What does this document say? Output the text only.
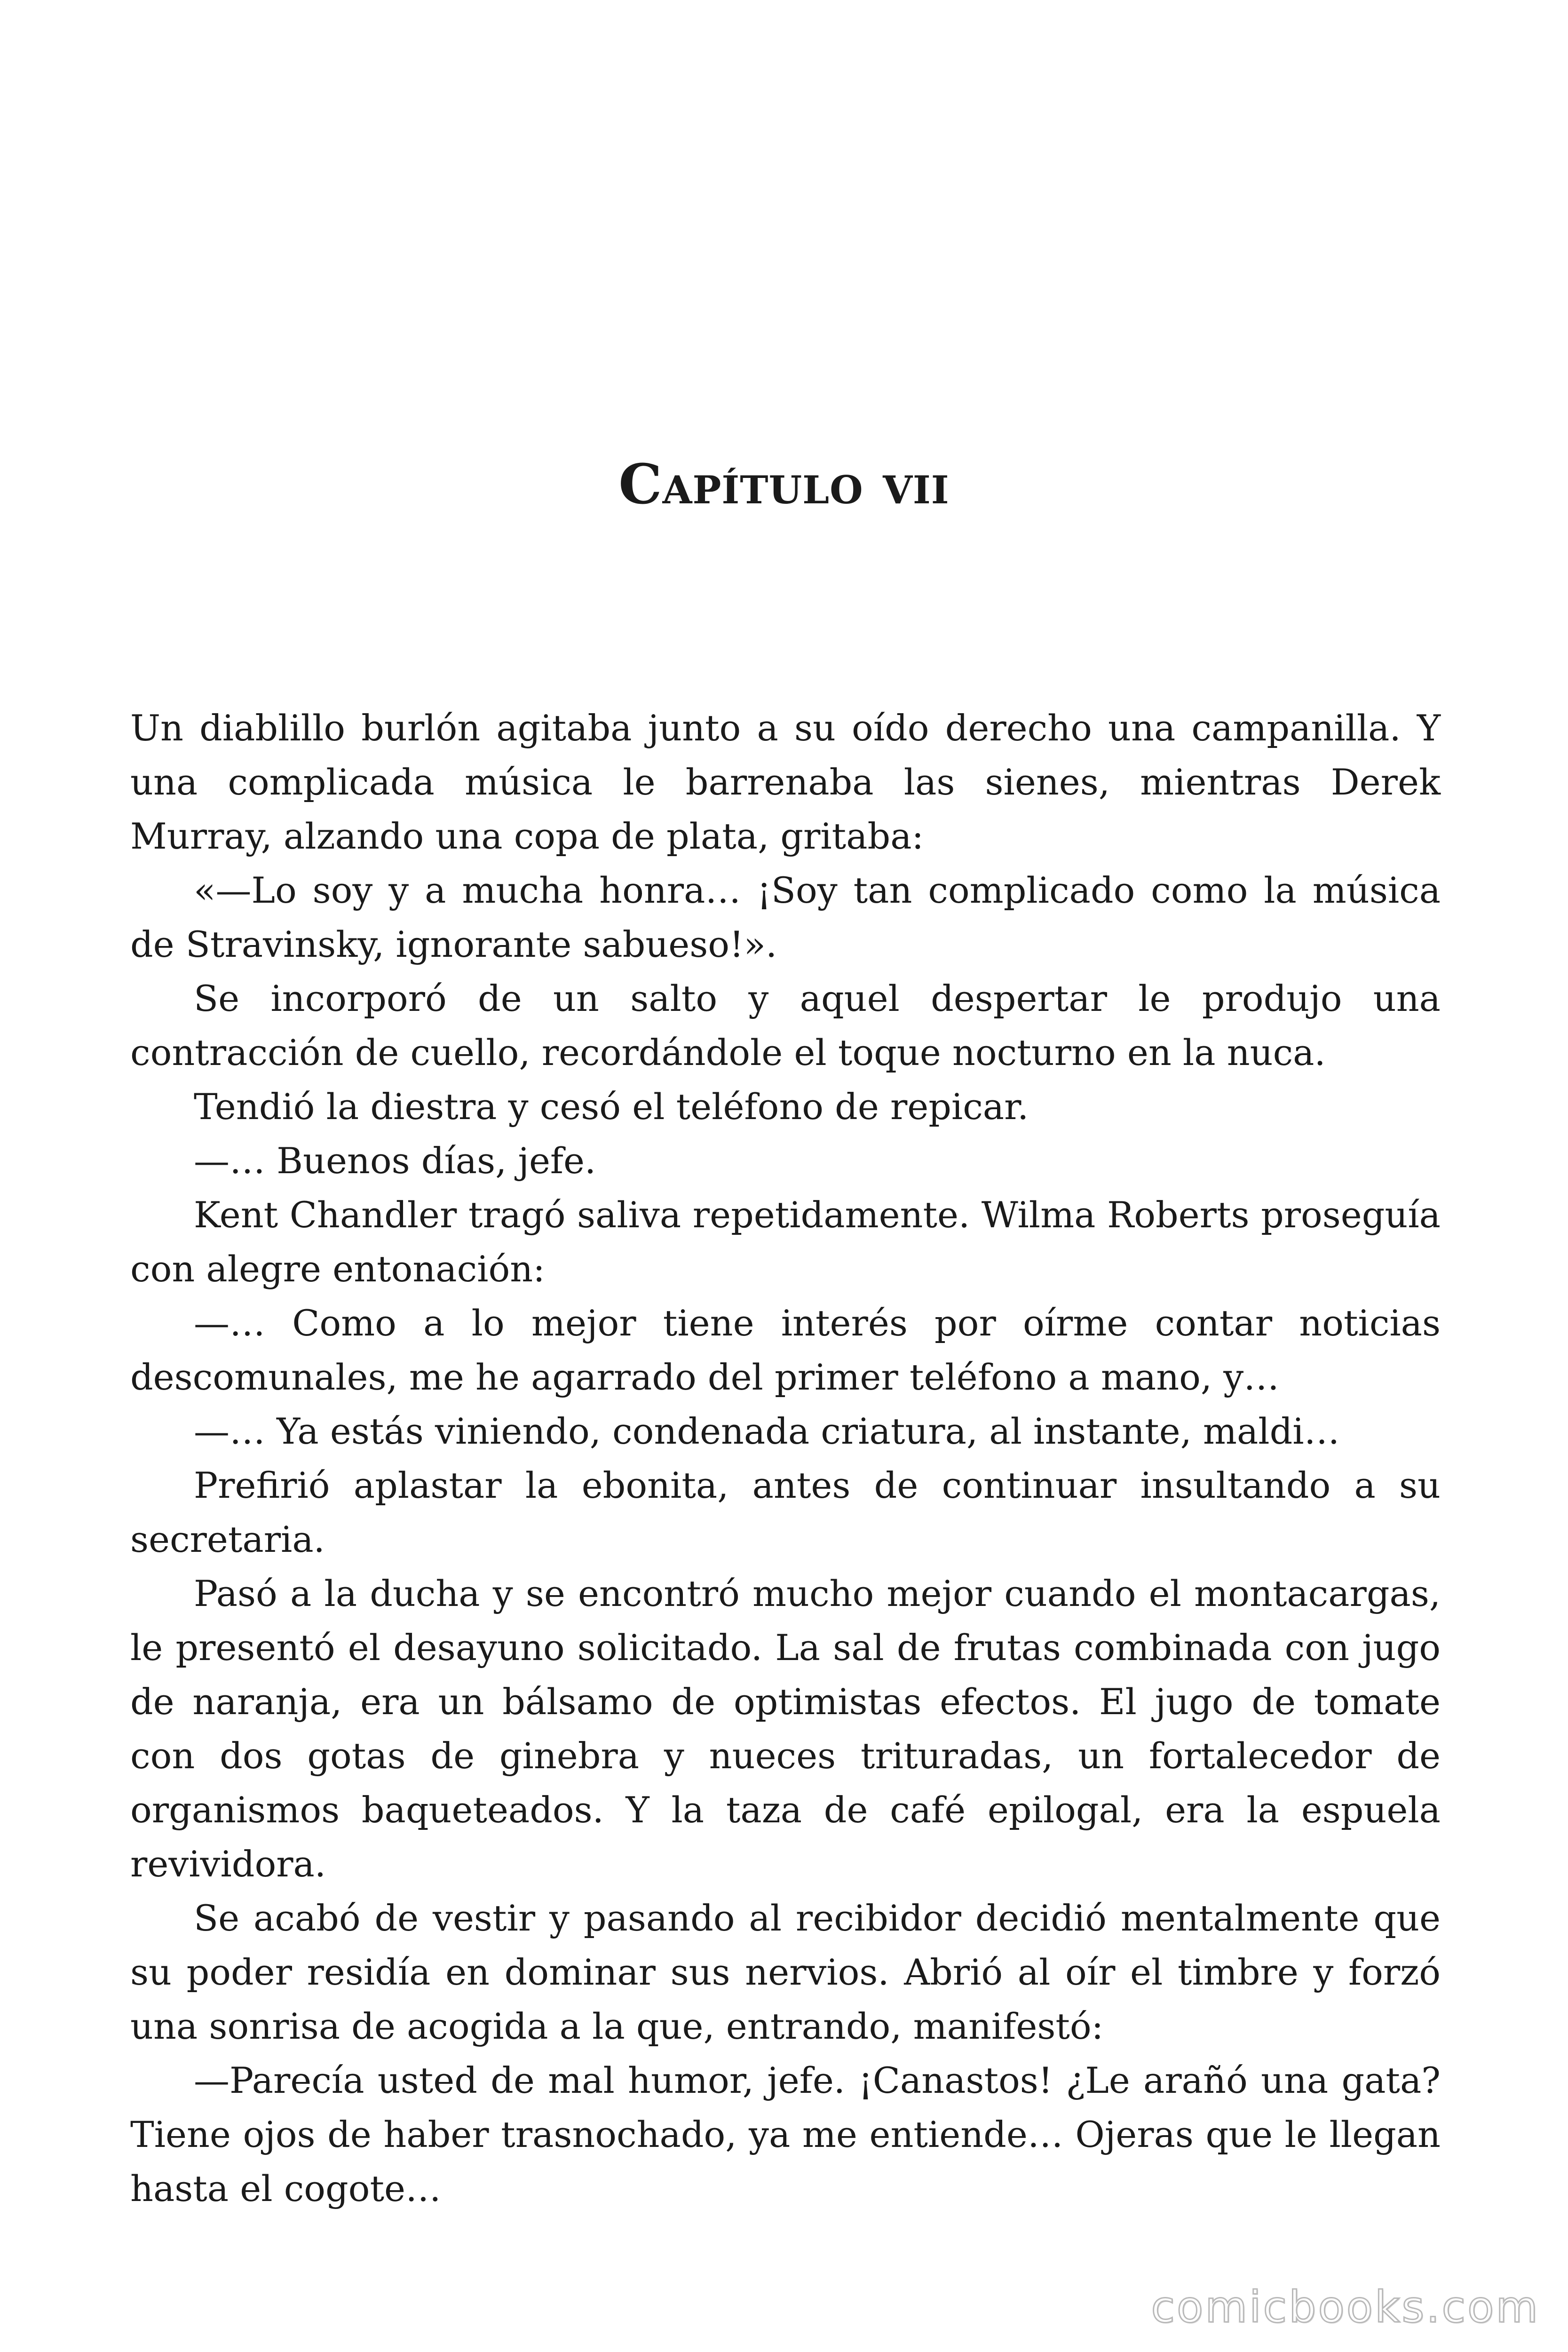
Capítulo vii

Un diablillo burlón agitaba junto a su oído derecho una campanilla. Y una complicada música le barrenaba las sienes, mientras Derek Murray, alzando una copa de plata, gritaba:

«—Lo soy y a mucha honra… ¡Soy tan complicado como la música de Stravinsky, ignorante sabueso!».

Se incorporó de un salto y aquel despertar le produjo una contracción de cuello, recordándole el toque nocturno en la nuca.

Tendió la diestra y cesó el teléfono de repicar.

—… Buenos días, jefe.

Kent Chandler tragó saliva repetidamente. Wilma Roberts proseguía con alegre entonación:

—… Como a lo mejor tiene interés por oírme contar noticias descomunales, me he agarrado del primer teléfono a mano, y…

—… Ya estás viniendo, condenada criatura, al instante, maldi…

Prefirió aplastar la ebonita, antes de continuar insultando a su secretaria.

Pasó a la ducha y se encontró mucho mejor cuando el montacargas, le presentó el desayuno solicitado. La sal de frutas combinada con jugo de naranja, era un bálsamo de optimistas efectos. El jugo de tomate con dos gotas de ginebra y nueces trituradas, un fortalecedor de organismos baqueteados. Y la taza de café epilogal, era la espuela revividora.

Se acabó de vestir y pasando al recibidor decidió mentalmente que su poder residía en dominar sus nervios. Abrió al oír el timbre y forzó una sonrisa de acogida a la que, entrando, manifestó:

—Parecía usted de mal humor, jefe. ¡Canastos! ¿Le arañó una gata? Tiene ojos de haber trasnochado, ya me entiende… Ojeras que le llegan hasta el cogote…

comicbooks.com
